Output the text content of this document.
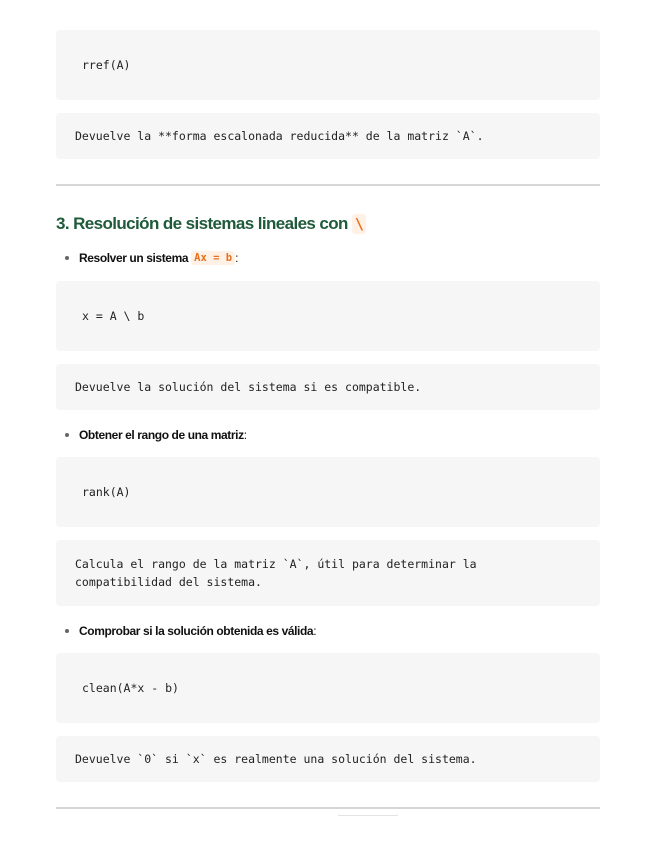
rref(A)
Devuelve la **forma escalonada reducida** de la matriz `A`.
3. Resolución de sistemas lineales con \
Resolver un sistema Ax = b :
x = A \ b
Devuelve la solución del sistema si es compatible.
Obtener el rango de una matriz :
rank(A)
Calcula el rango de la matriz `A`, útil para determinar la
compatibilidad del sistema.
Comprobar si la solución obtenida es válida :
clean(A*x - b)
Devuelve `0` si `x` es realmente una solución del sistema.
